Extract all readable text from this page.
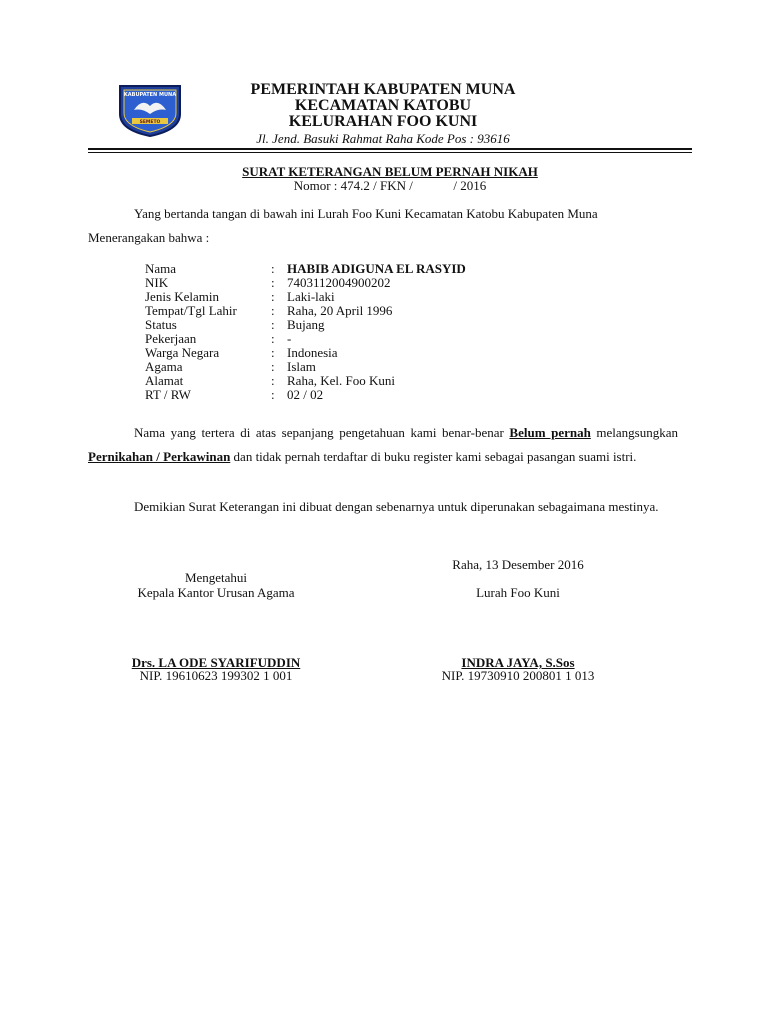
KABUPATEN MUNA
SEMETO
PEMERINTAH KABUPATEN MUNA
KECAMATAN KATOBU
KELURAHAN FOO KUNI
Jl. Jend. Basuki Rahmat Raha Kode Pos : 93616
SURAT KETERANGAN BELUM PERNAH NIKAH
Nomor : 474.2 / FKN /	/ 2016
Yang bertanda tangan di bawah ini Lurah Foo Kuni Kecamatan Katobu Kabupaten Muna
Menerangakan bahwa :
Nama	: HABIB ADIGUNA EL RASYID
NIK	: 7403112004900202
Jenis Kelamin	: Laki-laki
Tempat/Tgl Lahir	: Raha, 20 April 1996
Status	: Bujang
Pekerjaan	: -
Warga Negara	: Indonesia
Agama	: Islam
Alamat	: Raha, Kel. Foo Kuni
RT / RW	: 02 / 02
Nama yang tertera di atas sepanjang pengetahuan kami benar-benar Belum pernah melangsungkan Pernikahan / Perkawinan dan tidak pernah terdaftar di buku register kami sebagai pasangan suami istri.
Demikian Surat Keterangan ini dibuat dengan sebenarnya untuk diperunakan sebagaimana mestinya.
Raha, 13 Desember 2016
Mengetahui
Kepala Kantor Urusan Agama	Lurah Foo Kuni
Drs. LA ODE SYARIFUDDIN
NIP. 19610623 199302 1 001
INDRA JAYA, S.Sos
NIP. 19730910 200801 1 013
